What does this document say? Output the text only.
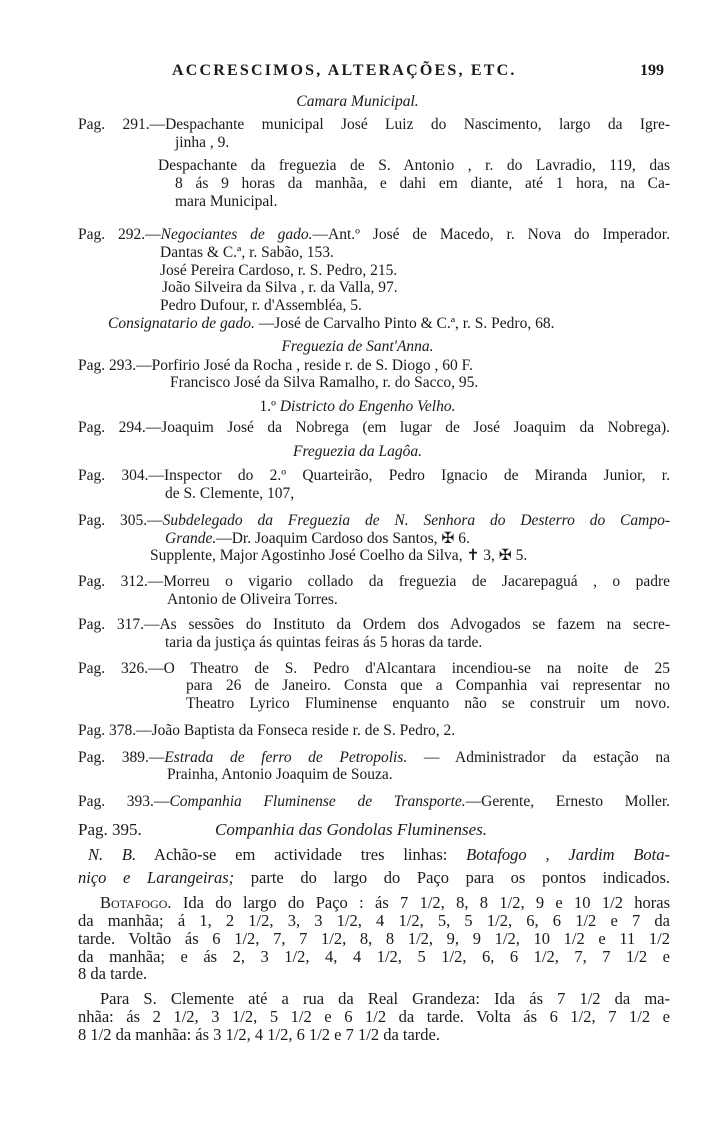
ACCRESCIMOS, ALTERAÇÕES, ETC.	199
Camara Municipal.
Pag. 291.—Despachante municipal José Luiz do Nascimento, largo da Igre-
jinha , 9.
Despachante da freguezia de S. Antonio , r. do Lavradio, 119, das
8 ás 9 horas da manhãa, e dahi em diante, até 1 hora, na Ca-
mara Municipal.
Pag. 292.—Negociantes de gado.—Ant.º José de Macedo, r. Nova do Imperador.
Dantas & C.ª, r. Sabão, 153.
José Pereira Cardoso, r. S. Pedro, 215.
João Silveira da Silva , r. da Valla, 97.
Pedro Dufour, r. d'Assembléa, 5.
Consignatario de gado. —José de Carvalho Pinto & C.ª, r. S. Pedro, 68.
Freguezia de Sant'Anna.
Pag. 293.—Porfirio José da Rocha , reside r. de S. Diogo , 60 F.
Francisco José da Silva Ramalho, r. do Sacco, 95.
1.º Districto do Engenho Velho.
Pag. 294.—Joaquim José da Nobrega (em lugar de José Joaquim da Nobrega).
Freguezia da Lagôa.
Pag. 304.—Inspector do 2.º Quarteirão, Pedro Ignacio de Miranda Junior, r.
de S. Clemente, 107,
Pag. 305.—Subdelegado da Freguezia de N. Senhora do Desterro do Campo-
Grande.—Dr. Joaquim Cardoso dos Santos, ✠ 6.
Supplente, Major Agostinho José Coelho da Silva, ✝ 3, ✠ 5.
Pag. 312.—Morreu o vigario collado da freguezia de Jacarepaguá , o padre
Antonio de Oliveira Torres.
Pag. 317.—As sessões do Instituto da Ordem dos Advogados se fazem na secre-
taria da justiça ás quintas feiras ás 5 horas da tarde.
Pag. 326.—O Theatro de S. Pedro d'Alcantara incendiou-se na noite de 25
para 26 de Janeiro. Consta que a Companhia vai representar no
Theatro Lyrico Fluminense enquanto não se construir um novo.
Pag. 378.—João Baptista da Fonseca reside r. de S. Pedro, 2.
Pag. 389.—Estrada de ferro de Petropolis. — Administrador da estação na
Prainha, Antonio Joaquim de Souza.
Pag. 393.—Companhia Fluminense de Transporte.—Gerente, Ernesto Moller.
Pag. 395.	Companhia das Gondolas Fluminenses.
N. B. Achão-se em actividade tres linhas: Botafogo , Jardim Bota-
niço e Larangeiras; parte do largo do Paço para os pontos indicados.
Botafogo. Ida do largo do Paço : ás 7 1/2, 8, 8 1/2, 9 e 10 1/2 horas
da manhãa; á 1, 2 1/2, 3, 3 1/2, 4 1/2, 5, 5 1/2, 6, 6 1/2 e 7 da
tarde. Voltão ás 6 1/2, 7, 7 1/2, 8, 8 1/2, 9, 9 1/2, 10 1/2 e 11 1/2
da manhãa; e ás 2, 3 1/2, 4, 4 1/2, 5 1/2, 6, 6 1/2, 7, 7 1/2 e
8 da tarde.
Para S. Clemente até a rua da Real Grandeza: Ida ás 7 1/2 da ma-
nhãa: ás 2 1/2, 3 1/2, 5 1/2 e 6 1/2 da tarde. Volta ás 6 1/2, 7 1/2 e
8 1/2 da manhãa: ás 3 1/2, 4 1/2, 6 1/2 e 7 1/2 da tarde.
